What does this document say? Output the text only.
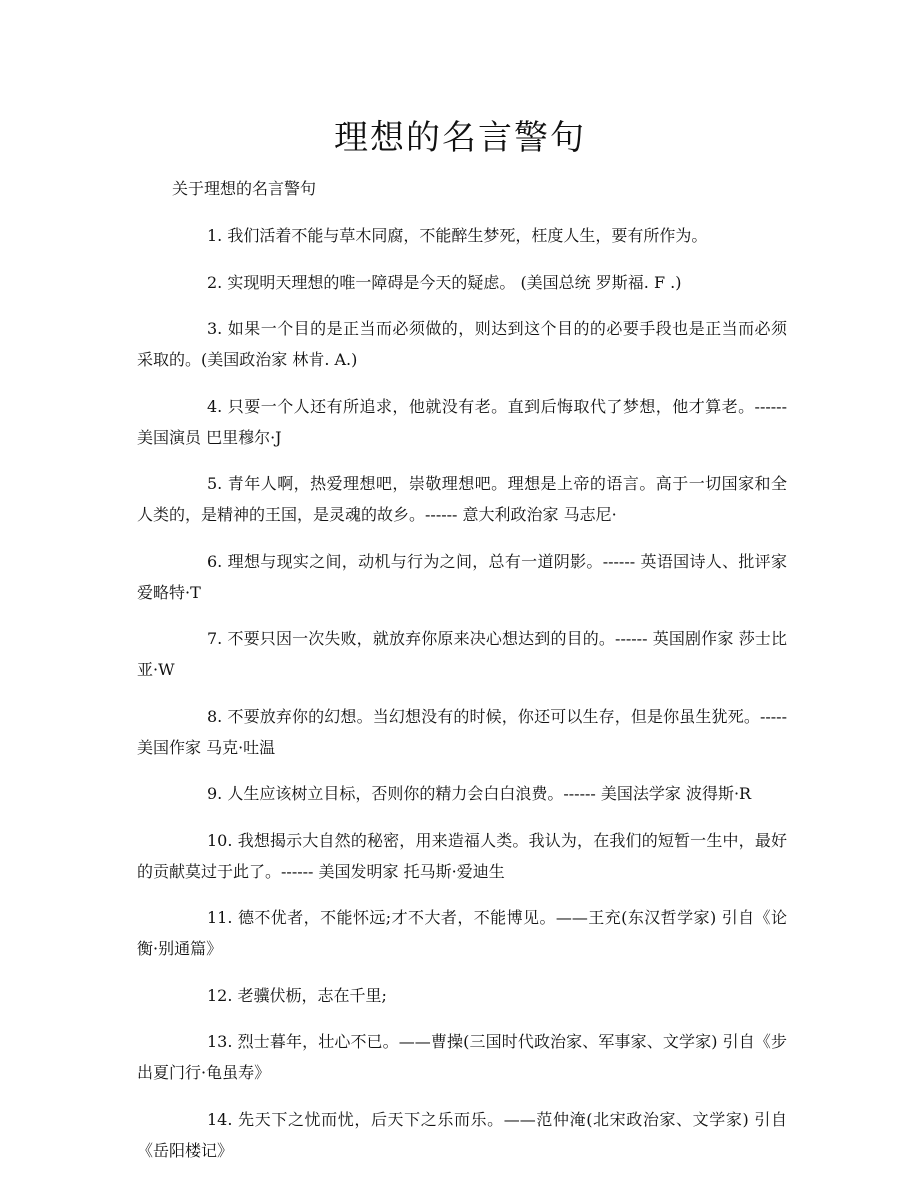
理想的名言警句
关于理想的名言警句

1. 我们活着不能与草木同腐，不能醉生梦死，枉度人生，要有所作为。

2. 实现明天理想的唯一障碍是今天的疑虑。 (美国总统 罗斯福. F .)

3. 如果一个目的是正当而必须做的，则达到这个目的的必要手段也是正当而必须采取的。(美国政治家 林肯. A.)

4. 只要一个人还有所追求，他就没有老。直到后悔取代了梦想，他才算老。------ 美国演员 巴里穆尔·J

5. 青年人啊，热爱理想吧，崇敬理想吧。理想是上帝的语言。高于一切国家和全人类的，是精神的王国，是灵魂的故乡。------ 意大利政治家 马志尼·

6. 理想与现实之间，动机与行为之间，总有一道阴影。------ 英语国诗人、批评家 爱略特·T

7. 不要只因一次失败，就放弃你原来决心想达到的目的。------ 英国剧作家 莎士比亚·W

8. 不要放弃你的幻想。当幻想没有的时候，你还可以生存，但是你虽生犹死。----- 美国作家 马克·吐温

9. 人生应该树立目标，否则你的精力会白白浪费。------ 美国法学家 波得斯·R

10. 我想揭示大自然的秘密，用来造福人类。我认为，在我们的短暂一生中，最好的贡献莫过于此了。------ 美国发明家 托马斯·爱迪生

11. 德不优者，不能怀远;才不大者，不能博见。——王充(东汉哲学家) 引自《论衡·别通篇》

12. 老骥伏枥，志在千里;

13. 烈士暮年，壮心不已。——曹操(三国时代政治家、军事家、文学家) 引自《步出夏门行·龟虽寿》

14. 先天下之忧而忧，后天下之乐而乐。——范仲淹(北宋政治家、文学家) 引自《岳阳楼记》
